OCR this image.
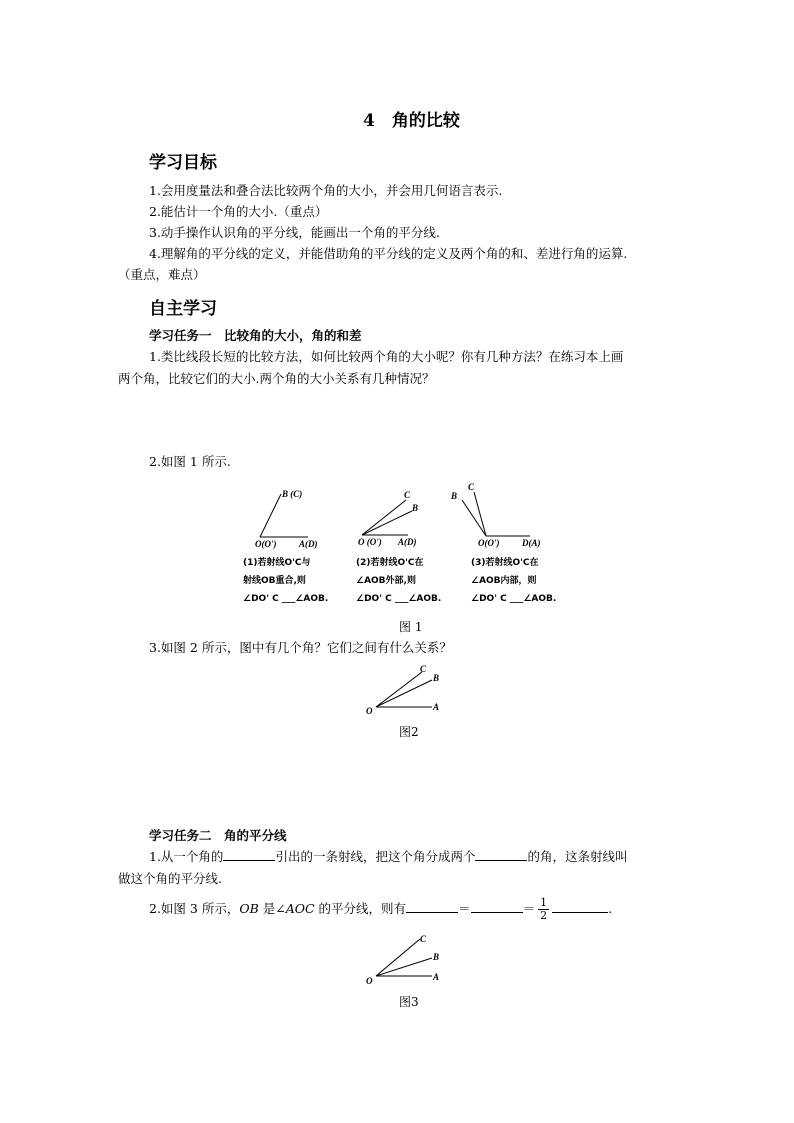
4　角的比较
学习目标
1.会用度量法和叠合法比较两个角的大小，并会用几何语言表示.
2.能估计一个角的大小.（重点）
3.动手操作认识角的平分线，能画出一个角的平分线.
4.理解角的平分线的定义，并能借助角的平分线的定义及两个角的和、差进行角的运算.
（重点，难点）
自主学习
学习任务一　比较角的大小，角的和差
1.类比线段长短的比较方法，如何比较两个角的大小呢？你有几种方法？在练习本上画
两个角，比较它们的大小.两个角的大小关系有几种情况？
2.如图 1 所示.
B (C)
O(O')	A(D)
C
B
O (O') A(D)
B
C
O(O')	D(A)
(1)若射线O'C与
射线OB重合,则
∠DO' C ___∠AOB.
(2)若射线O'C在
∠AOB外部,则
∠DO' C ___∠AOB.
(3)若射线O'C在
∠AOB内部，则
∠DO' C ___∠AOB.
图 1
3.如图 2 所示，图中有几个角？它们之间有什么关系？
C
B
O	A
图2
学习任务二　角的平分线
1.从一个角的	引出的一条射线，把这个角分成两个	的角，这条射线叫
做这个角的平分线.
2.如图 3 所示，OB 是∠AOC 的平分线，则有	＝	＝ $\frac{1}{2}$	.
C
B
O	A
图3
